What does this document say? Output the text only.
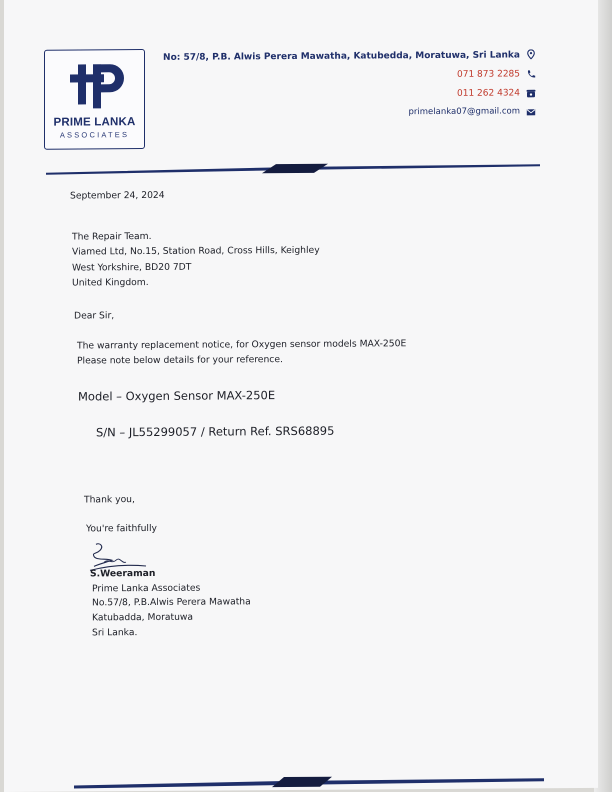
PRIME LANKA
ASSOCIATES
No: 57/8, P.B. Alwis Perera Mawatha, Katubedda, Moratuwa, Sri Lanka
071 873 2285
011 262 4324
primelanka07@gmail.com
September 24, 2024
The Repair Team.
Viamed Ltd, No.15, Station Road, Cross Hills, Keighley
West Yorkshire, BD20 7DT
United Kingdom.
Dear Sir,
The warranty replacement notice, for Oxygen sensor models MAX-250E
Please note below details for your reference.
Model – Oxygen Sensor MAX-250E
S/N – JL55299057 / Return Ref. SRS68895
Thank you,
You're faithfully
S.Weeraman
Prime Lanka Associates
No.57/8, P.B.Alwis Perera Mawatha
Katubadda, Moratuwa
Sri Lanka.
